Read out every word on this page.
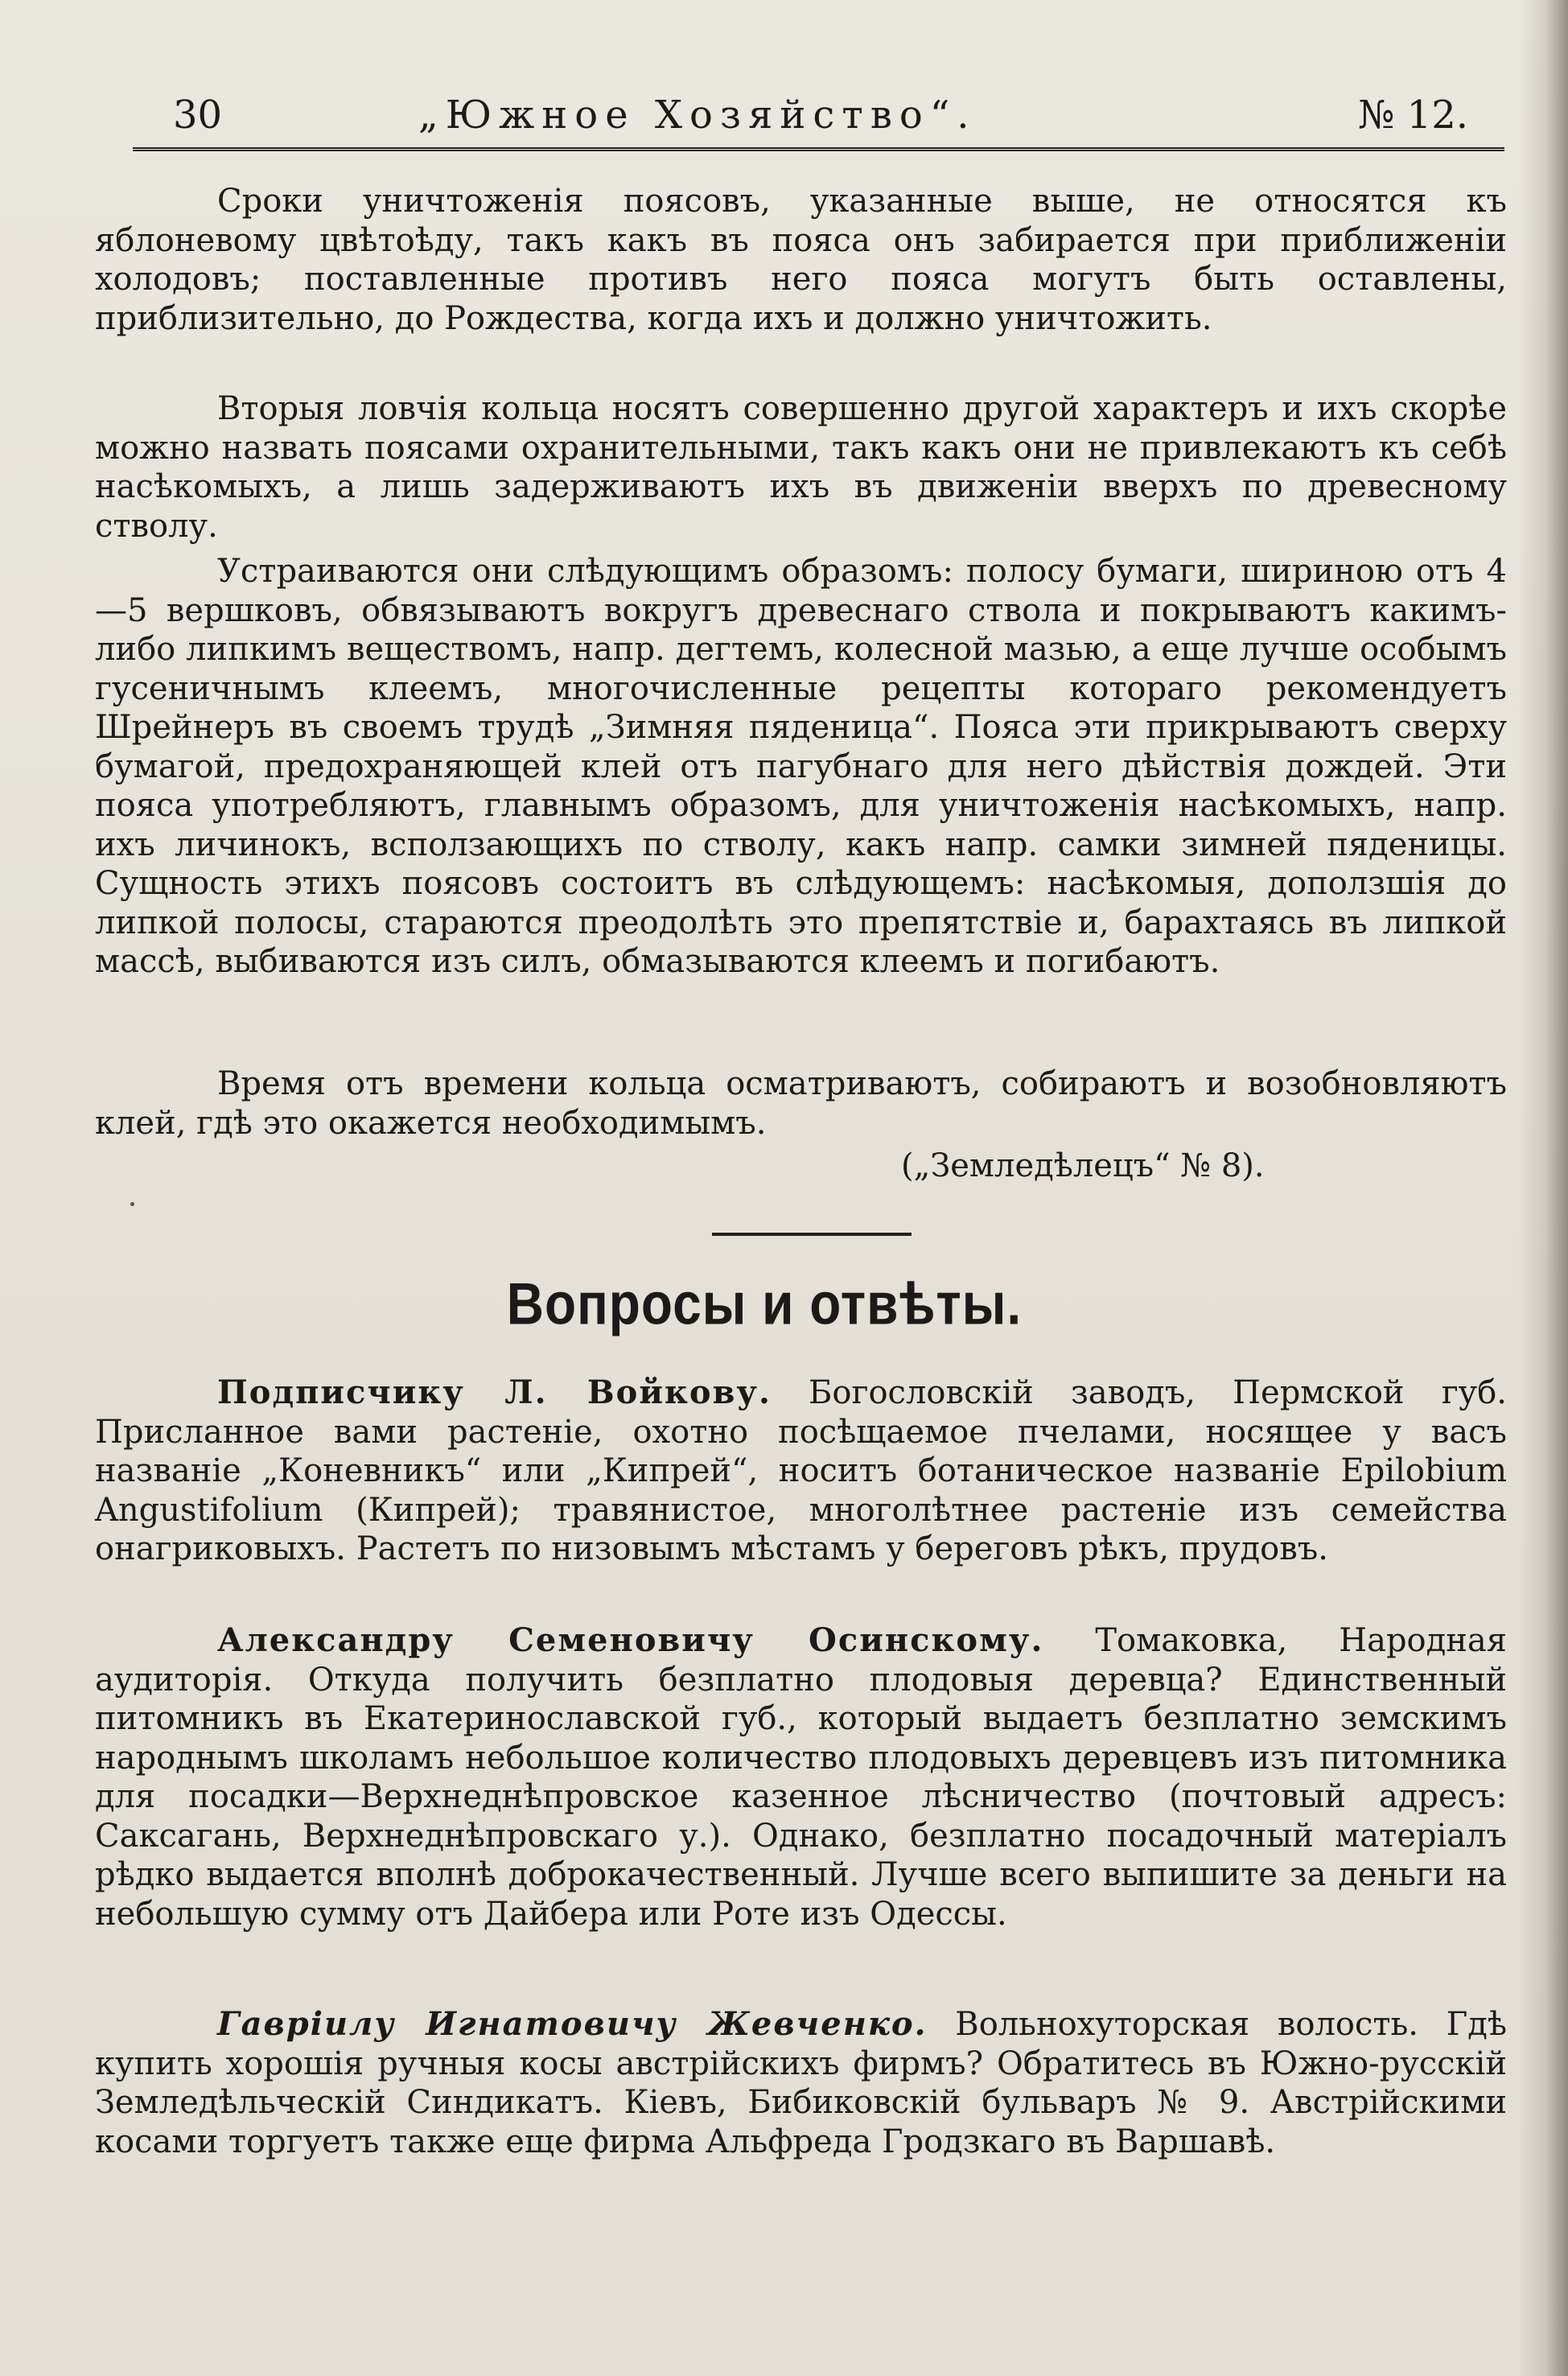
30	„Южное Хозяйство“.	№ 12.

Сроки уничтоженія поясовъ, указанные выше, не относятся къ яблоневому цвѣтоѣду, такъ какъ въ пояса онъ забирается при приближеніи холодовъ; поставленные противъ него пояса могутъ быть оставлены, приблизительно, до Рождества, когда ихъ и должно уничтожить.

Вторыя ловчія кольца носятъ совершенно другой характеръ и ихъ скорѣе можно назвать поясами охранительными, такъ какъ они не привлекаютъ къ себѣ насѣкомыхъ, а лишь задерживаютъ ихъ въ движеніи вверхъ по древесному стволу.

Устраиваются они слѣдующимъ образомъ: полосу бумаги, шириною отъ 4—5 вершковъ, обвязываютъ вокругъ древеснаго ствола и покрываютъ какимъ-либо липкимъ веществомъ, напр. дегтемъ, колесной мазью, а еще лучше особымъ гусеничнымъ клеемъ, многочисленные рецепты котораго рекомендуетъ Шрейнеръ въ своемъ трудѣ „Зимняя пяденица“. Пояса эти прикрываютъ сверху бумагой, предохраняющей клей отъ пагубнаго для него дѣйствія дождей. Эти пояса употребляютъ, главнымъ образомъ, для уничтоженія насѣкомыхъ, напр. ихъ личинокъ, всползающихъ по стволу, какъ напр. самки зимней пяденицы. Сущность этихъ поясовъ состоитъ въ слѣдующемъ: насѣкомыя, доползшія до липкой полосы, стараются преодолѣть это препятствіе и, барахтаясь въ липкой массѣ, выбиваются изъ силъ, обмазываются клеемъ и погибаютъ.

Время отъ времени кольца осматриваютъ, собираютъ и возобновляютъ клей, гдѣ это окажется необходимымъ.

(„Земледѣлецъ“ № 8).
Вопросы и отвѣты.

Подписчику Л. Войкову. Богословскій заводъ, Пермской губ. Присланное вами растеніе, охотно посѣщаемое пчелами, носящее у васъ названіе „Коневникъ“ или „Кипрей“, носитъ ботаническое названіе Epilobium Angustifolium (Кипрей); травянистое, многолѣтнее растеніе изъ семейства онагриковыхъ. Растетъ по низовымъ мѣстамъ у береговъ рѣкъ, прудовъ.

Александру Семеновичу Осинскому. Томаковка, Народная аудиторія. Откуда получить безплатно плодовыя деревца? Единственный питомникъ въ Екатеринославской губ., который выдаетъ безплатно земскимъ народнымъ школамъ небольшое количество плодовыхъ деревцевъ изъ питомника для посадки—Верхнеднѣпровское казенное лѣсничество (почтовый адресъ: Саксагань, Верхнеднѣпровскаго у.). Однако, безплатно посадочный матеріалъ рѣдко выдается вполнѣ доброкачественный. Лучше всего выпишите за деньги на небольшую сумму отъ Дайбера или Роте изъ Одессы.

Гавріилу Игнатовичу Жевченко. Вольнохуторская волость. Гдѣ купить хорошія ручныя косы австрійскихъ фирмъ? Обратитесь въ Южно-русскій Земледѣльческій Синдикатъ. Кіевъ, Бибиковскій бульваръ № 9. Австрійскими косами торгуетъ также еще фирма Альфреда Гродзкаго въ Варшавѣ.
